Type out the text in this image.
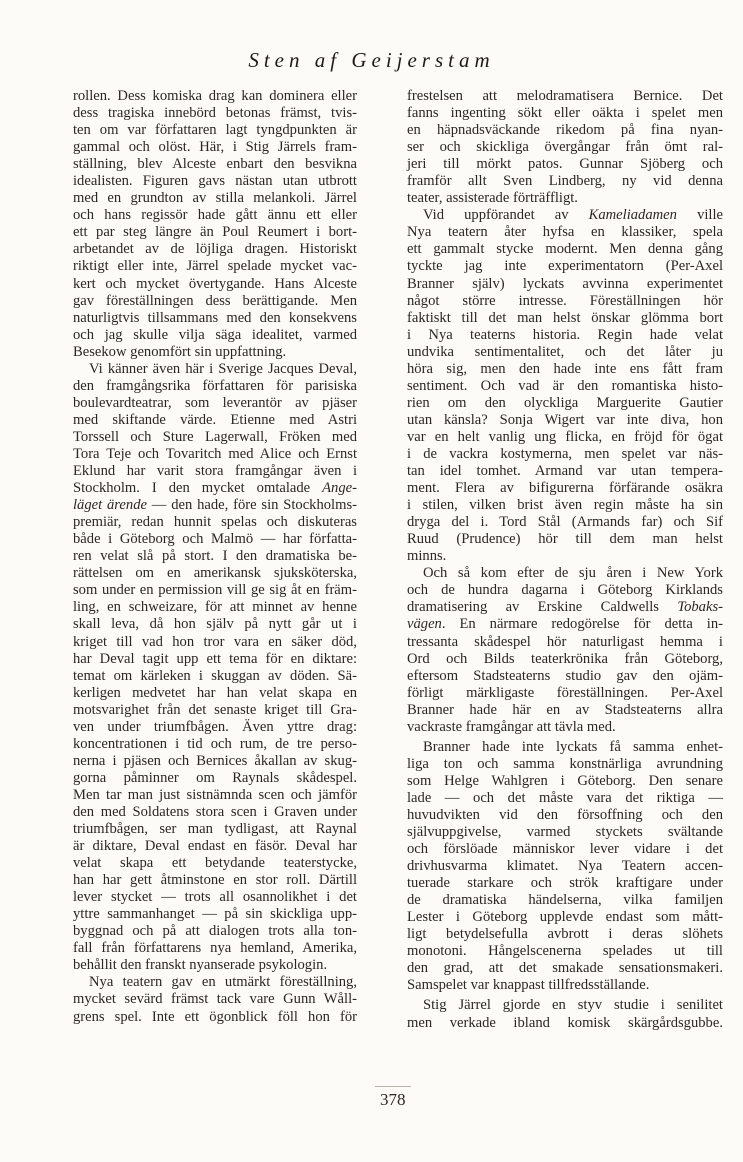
Sten af Geijerstam
rollen. Dess komiska drag kan dominera eller
dess tragiska innebörd betonas främst, tvis-
ten om var författaren lagt tyngdpunkten är
gammal och olöst. Här, i Stig Järrels fram-
ställning, blev Alceste enbart den besvikna
idealisten. Figuren gavs nästan utan utbrott
med en grundton av stilla melankoli. Järrel
och hans regissör hade gått ännu ett eller
ett par steg längre än Poul Reumert i bort-
arbetandet av de löjliga dragen. Historiskt
riktigt eller inte, Järrel spelade mycket vac-
kert och mycket övertygande. Hans Alceste
gav föreställningen dess berättigande. Men
naturligtvis tillsammans med den konsekvens
och jag skulle vilja säga idealitet, varmed
Besekow genomfört sin uppfattning.
Vi känner även här i Sverige Jacques Deval,
den framgångsrika författaren för parisiska
boulevardteatrar, som leverantör av pjäser
med skiftande värde. Etienne med Astri
Torssell och Sture Lagerwall, Fröken med
Tora Teje och Tovaritch med Alice och Ernst
Eklund har varit stora framgångar även i
Stockholm. I den mycket omtalade Ange-
läget ärende — den hade, före sin Stockholms-
premiär, redan hunnit spelas och diskuteras
både i Göteborg och Malmö — har författa-
ren velat slå på stort. I den dramatiska be-
rättelsen om en amerikansk sjuksköterska,
som under en permission vill ge sig åt en främ-
ling, en schweizare, för att minnet av henne
skall leva, då hon själv på nytt går ut i
kriget till vad hon tror vara en säker död,
har Deval tagit upp ett tema för en diktare:
temat om kärleken i skuggan av döden. Sä-
kerligen medvetet har han velat skapa en
motsvarighet från det senaste kriget till Gra-
ven under triumfbågen. Även yttre drag:
koncentrationen i tid och rum, de tre perso-
nerna i pjäsen och Bernices åkallan av skug-
gorna påminner om Raynals skådespel.
Men tar man just sistnämnda scen och jämför
den med Soldatens stora scen i Graven under
triumfbågen, ser man tydligast, att Raynal
är diktare, Deval endast en fäsör. Deval har
velat skapa ett betydande teaterstycke,
han har gett åtminstone en stor roll. Därtill
lever stycket — trots all osannolikhet i det
yttre sammanhanget — på sin skickliga upp-
byggnad och på att dialogen trots alla ton-
fall från författarens nya hemland, Amerika,
behållit den franskt nyanserade psykologin.
Nya teatern gav en utmärkt föreställning,
mycket sevärd främst tack vare Gunn Wåll-
grens spel. Inte ett ögonblick föll hon för
frestelsen att melodramatisera Bernice. Det
fanns ingenting sökt eller oäkta i spelet men
en häpnadsväckande rikedom på fina nyan-
ser och skickliga övergångar från ömt ral-
jeri till mörkt patos. Gunnar Sjöberg och
framför allt Sven Lindberg, ny vid denna
teater, assisterade förträffligt.
Vid uppförandet av Kameliadamen ville
Nya teatern åter hyfsa en klassiker, spela
ett gammalt stycke modernt. Men denna gång
tyckte jag inte experimentatorn (Per-Axel
Branner själv) lyckats avvinna experimentet
något större intresse. Föreställningen hör
faktiskt till det man helst önskar glömma bort
i Nya teaterns historia. Regin hade velat
undvika sentimentalitet, och det låter ju
höra sig, men den hade inte ens fått fram
sentiment. Och vad är den romantiska histo-
rien om den olyckliga Marguerite Gautier
utan känsla? Sonja Wigert var inte diva, hon
var en helt vanlig ung flicka, en fröjd för ögat
i de vackra kostymerna, men spelet var näs-
tan idel tomhet. Armand var utan tempera-
ment. Flera av bifigurerna förfärande osäkra
i stilen, vilken brist även regin måste ha sin
dryga del i. Tord Stål (Armands far) och Sif
Ruud (Prudence) hör till dem man helst
minns.
Och så kom efter de sju åren i New York
och de hundra dagarna i Göteborg Kirklands
dramatisering av Erskine Caldwells Tobaks-
vägen. En närmare redogörelse för detta in-
tressanta skådespel hör naturligast hemma i
Ord och Bilds teaterkrönika från Göteborg,
eftersom Stadsteaterns studio gav den ojäm-
förligt märkligaste föreställningen. Per-Axel
Branner hade här en av Stadsteaterns allra
vackraste framgångar att tävla med.
Branner hade inte lyckats få samma enhet-
liga ton och samma konstnärliga avrundning
som Helge Wahlgren i Göteborg. Den senare
lade — och det måste vara det riktiga —
huvudvikten vid den försoffning och den
självuppgivelse, varmed styckets svältande
och förslöade människor lever vidare i det
drivhusvarma klimatet. Nya Teatern accen-
tuerade starkare och strök kraftigare under
de dramatiska händelserna, vilka familjen
Lester i Göteborg upplevde endast som mått-
ligt betydelsefulla avbrott i deras slöhets
monotoni. Hångelscenerna spelades ut till
den grad, att det smakade sensationsmakeri.
Samspelet var knappast tillfredsställande.
Stig Järrel gjorde en styv studie i senilitet
men verkade ibland komisk skärgårdsgubbe.
378
